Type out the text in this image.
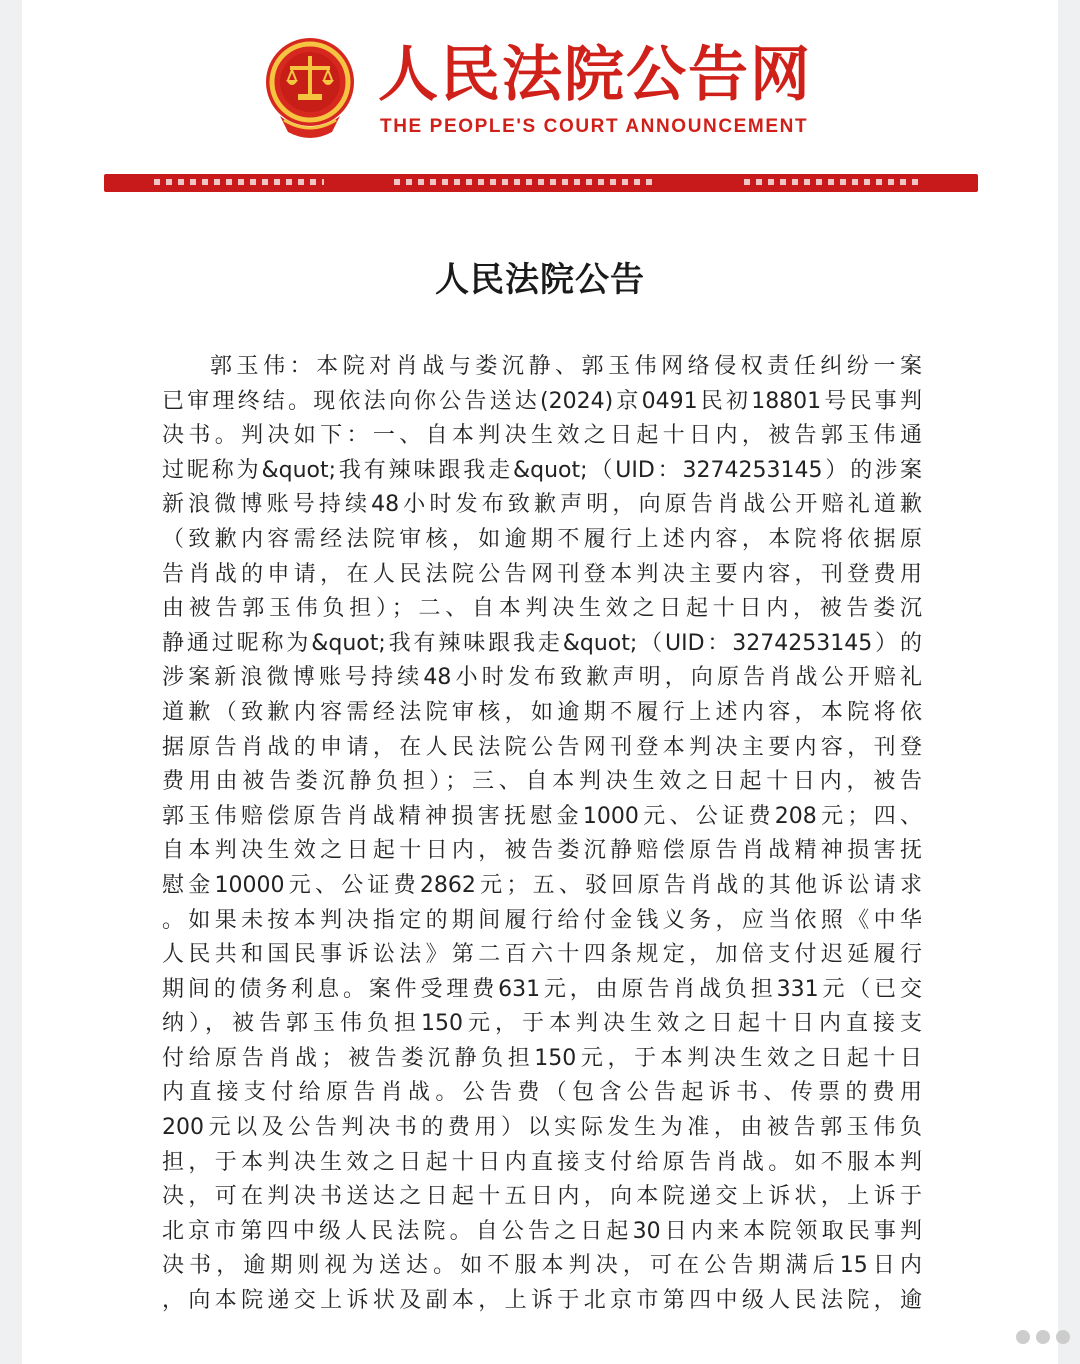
人民法院公告网
THE PEOPLE'S COURT ANNOUNCEMENT
人民法院公告
郭玉伟：本院对肖战与娄沉静、郭玉伟网络侵权责任纠纷一案
已审理终结。现依法向你公告送达(2024)京0491民初18801号民事判
决书。判决如下：一、自本判决生效之日起十日内，被告郭玉伟通
过昵称为&quot;我有辣味跟我走&quot;（UID：3274253145）的涉案
新浪微博账号持续48小时发布致歉声明，向原告肖战公开赔礼道歉
（致歉内容需经法院审核，如逾期不履行上述内容，本院将依据原
告肖战的申请，在人民法院公告网刊登本判决主要内容，刊登费用
由被告郭玉伟负担）；二、自本判决生效之日起十日内，被告娄沉
静通过昵称为&quot;我有辣味跟我走&quot;（UID：3274253145）的
涉案新浪微博账号持续48小时发布致歉声明，向原告肖战公开赔礼
道歉（致歉内容需经法院审核，如逾期不履行上述内容，本院将依
据原告肖战的申请，在人民法院公告网刊登本判决主要内容，刊登
费用由被告娄沉静负担）；三、自本判决生效之日起十日内，被告
郭玉伟赔偿原告肖战精神损害抚慰金1000元、公证费208元；四、
自本判决生效之日起十日内，被告娄沉静赔偿原告肖战精神损害抚
慰金10000元、公证费2862元；五、驳回原告肖战的其他诉讼请求
。如果未按本判决指定的期间履行给付金钱义务，应当依照《中华
人民共和国民事诉讼法》第二百六十四条规定，加倍支付迟延履行
期间的债务利息。案件受理费631元，由原告肖战负担331元（已交
纳），被告郭玉伟负担150元，于本判决生效之日起十日内直接支
付给原告肖战；被告娄沉静负担150元，于本判决生效之日起十日
内直接支付给原告肖战。公告费（包含公告起诉书、传票的费用
200元以及公告判决书的费用）以实际发生为准，由被告郭玉伟负
担，于本判决生效之日起十日内直接支付给原告肖战。如不服本判
决，可在判决书送达之日起十五日内，向本院递交上诉状，上诉于
北京市第四中级人民法院。自公告之日起30日内来本院领取民事判
决书，逾期则视为送达。如不服本判决，可在公告期满后15日内
，向本院递交上诉状及副本，上诉于北京市第四中级人民法院，逾
